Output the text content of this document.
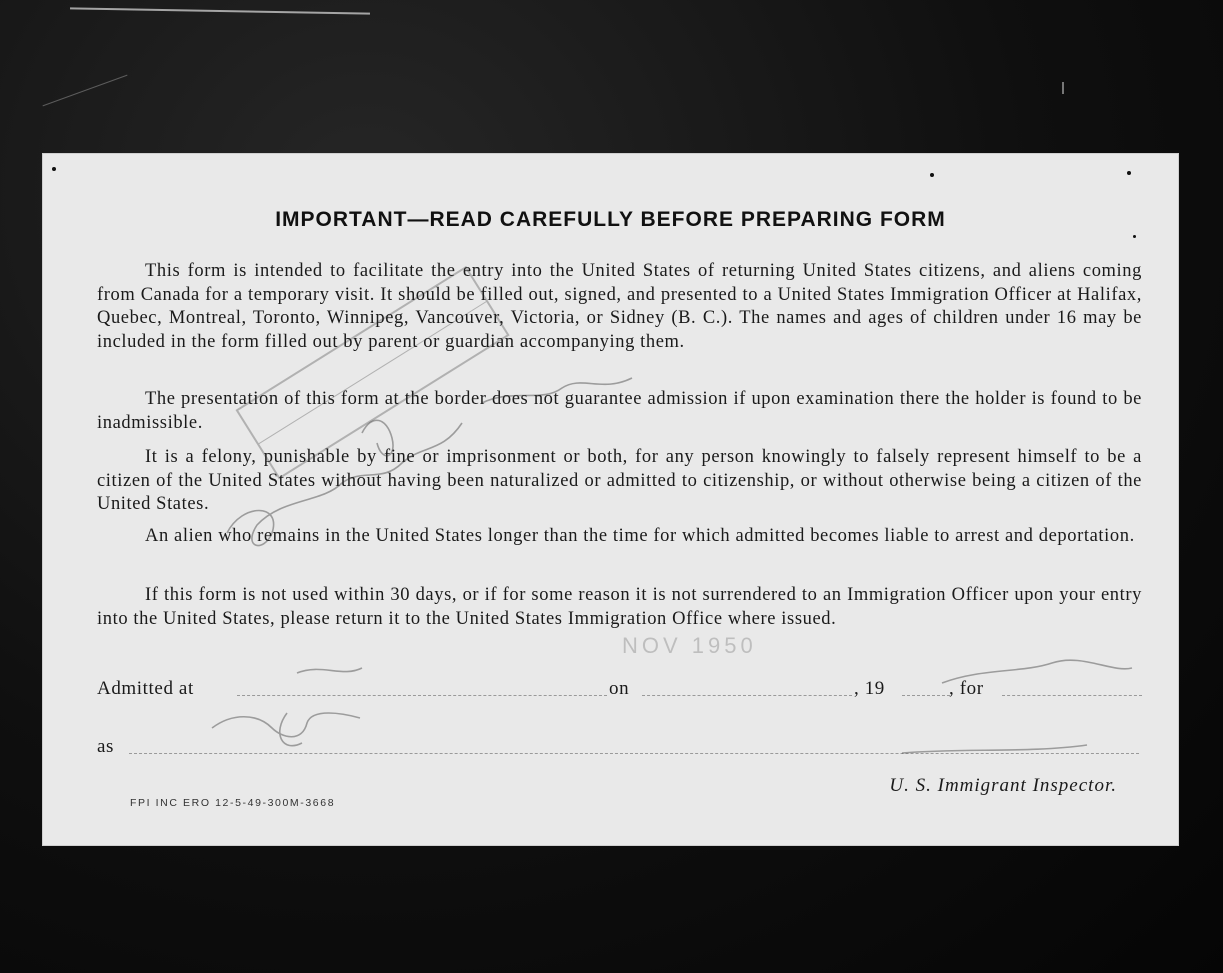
IMPORTANT—READ CAREFULLY BEFORE PREPARING FORM

This form is intended to facilitate the entry into the United States of returning United States citizens, and aliens coming from Canada for a temporary visit. It should be filled out, signed, and presented to a United States Immigration Officer at Halifax, Quebec, Montreal, Toronto, Winnipeg, Vancouver, Victoria, or Sidney (B. C.). The names and ages of children under 16 may be included in the form filled out by parent or guardian accompanying them.

The presentation of this form at the border does not guarantee admission if upon examination there the holder is found to be inadmissible.

It is a felony, punishable by fine or imprisonment or both, for any person knowingly to falsely represent himself to be a citizen of the United States without having been naturalized or admitted to citizenship, or without otherwise being a citizen of the United States.

An alien who remains in the United States longer than the time for which admitted becomes liable to arrest and deportation.

If this form is not used within 30 days, or if for some reason it is not surrendered to an Immigration Officer upon your entry into the United States, please return it to the United States Immigration Office where issued.

Admitted at	on	, 19	, for
as
U. S. Immigrant Inspector.
FPI INC ERO 12-5-49-300M-3668
NOV 1950
